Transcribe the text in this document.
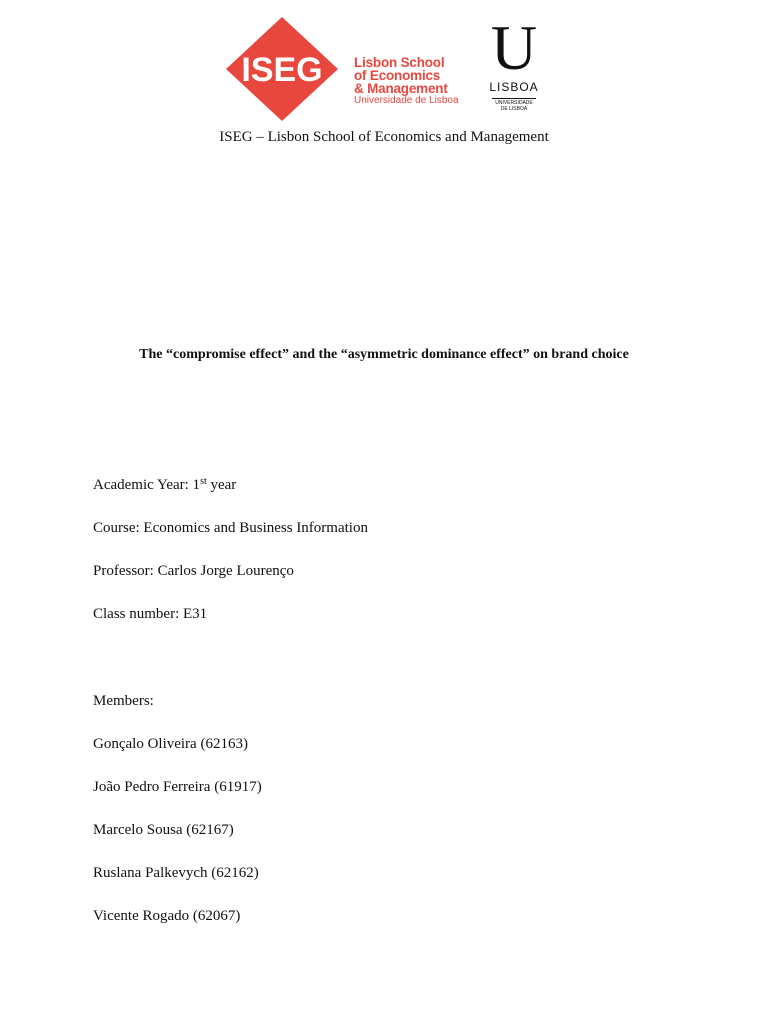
ISEG Lisbon School
of Economics
& Management
Universidade de Lisboa
U
LISBOA
UNIVERSIDADE
DE LISBOA
ISEG – Lisbon School of Economics and Management
The “compromise effect” and the “asymmetric dominance effect” on brand choice
Academic Year: 1st year
Course: Economics and Business Information
Professor: Carlos Jorge Lourenço
Class number: E31
Members:
Gonçalo Oliveira (62163)
João Pedro Ferreira (61917)
Marcelo Sousa (62167)
Ruslana Palkevych (62162)
Vicente Rogado (62067)
